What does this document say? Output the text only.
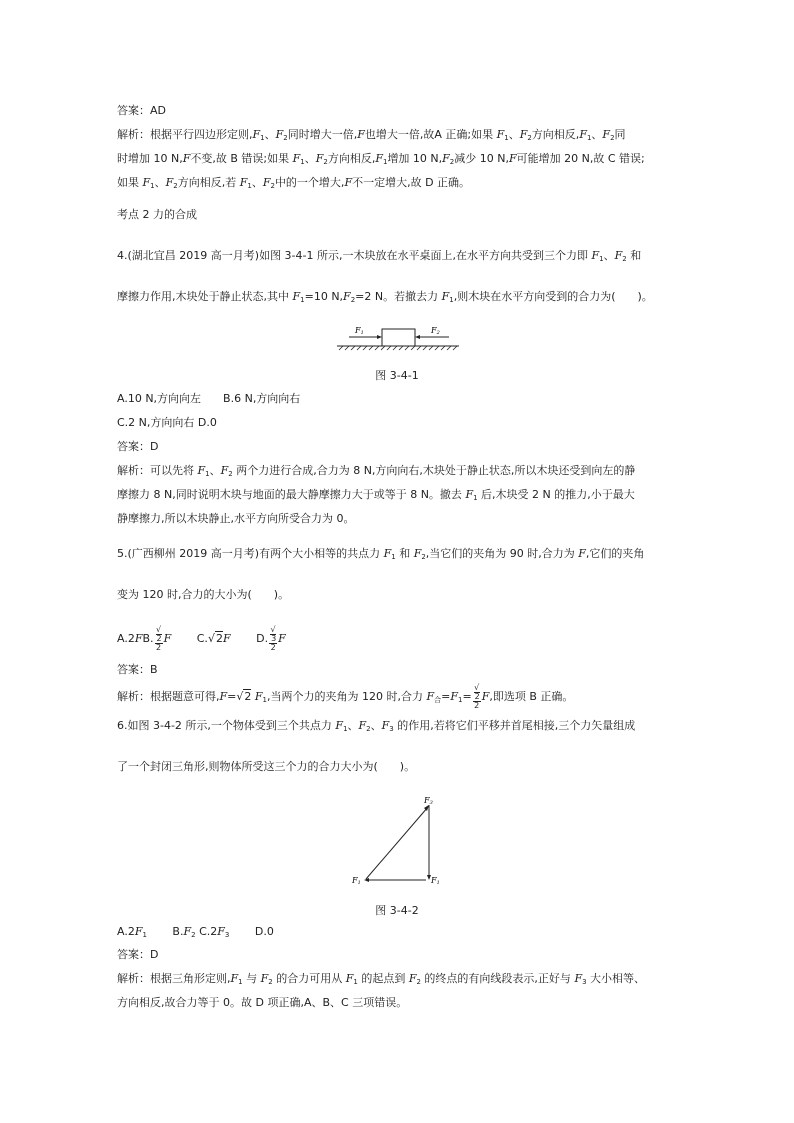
答案：AD
解析：根据平行四边形定则$,F_1$、$F_2$同时增大一倍,F也增大一倍,故A 正确;如果 $F_1$、$F_2$方向相反$,F_1$、$F_2$同
时增加 10 N,F不变,故 B 错误;如果 $F_1$、$F_2$方向相反$,F_1$增加 10 $N,F_2$减少 10 N,F可能增加 20 N,故 C 错误;
如果 $F_1$、$F_2$方向相反,若 $F_1$、$F_2$中的一个增大,F不一定增大,故 D 正确。
考点 2 力的合成
4.(湖北宜昌 2019 高一月考)如图 3-4-1 所示,一木块放在水平桌面上,在水平方向共受到三个力即 $F_1$、$F_2$ 和
摩擦力作用,木块处于静止状态,其中 $F_1=10$ $N,F_2=2$ N。若撤去力 $F_1$,则木块在水平方向受到的合力为(　　)。
F1	F2
图 3-4-1
A.10 N,方向向左　　B.6 N,方向向右
C.2 N,方向向右 D.0
答案：D
解析：可以先将 $F_1$、$F_2$ 两个力进行合成,合力为 8 N,方向向右,木块处于静止状态,所以木块还受到向左的静
摩擦力 8 N,同时说明木块与地面的最大静摩擦力大于或等于 8 N。撤去 $F_1$ 后,木块受 2 N 的推力,小于最大
静摩擦力,所以木块静止,水平方向所受合力为 0。
5.(广西柳州 2019 高一月考)有两个大小相等的共点力 $F_1$ 和 $F_2$,当它们的夹角为 90 时,合力为 F,它们的夹角
变为 120 时,合力的大小为(　　)。
A.2FB. √
2
2 F 　　 C.√2F 　　 D. √
3
2 F
答案：B
解析：根据题意可得,F=√2 $F_1$,当两个力的夹角为 120 时,合力 $F_合=F_1=$ √
2
2 F,即选项 B 正确。
6.如图 3-4-2 所示,一个物体受到三个共点力 $F_1$、$F_2$、$F_3$ 的作用,若将它们平移并首尾相接,三个力矢量组成
了一个封闭三角形,则物体所受这三个力的合力大小为(　　)。
F1	F1
F3
图 3-4-2
$A.2F_1$　　 $B.F_2$ $C.2F_3$　　 D.0
答案：D
解析：根据三角形定则$,F_1$ 与 $F_2$ 的合力可用从 $F_1$ 的起点到 $F_2$ 的终点的有向线段表示,正好与 $F_3$ 大小相等、
方向相反,故合力等于 0。故 D 项正确,A、B、C 三项错误。
